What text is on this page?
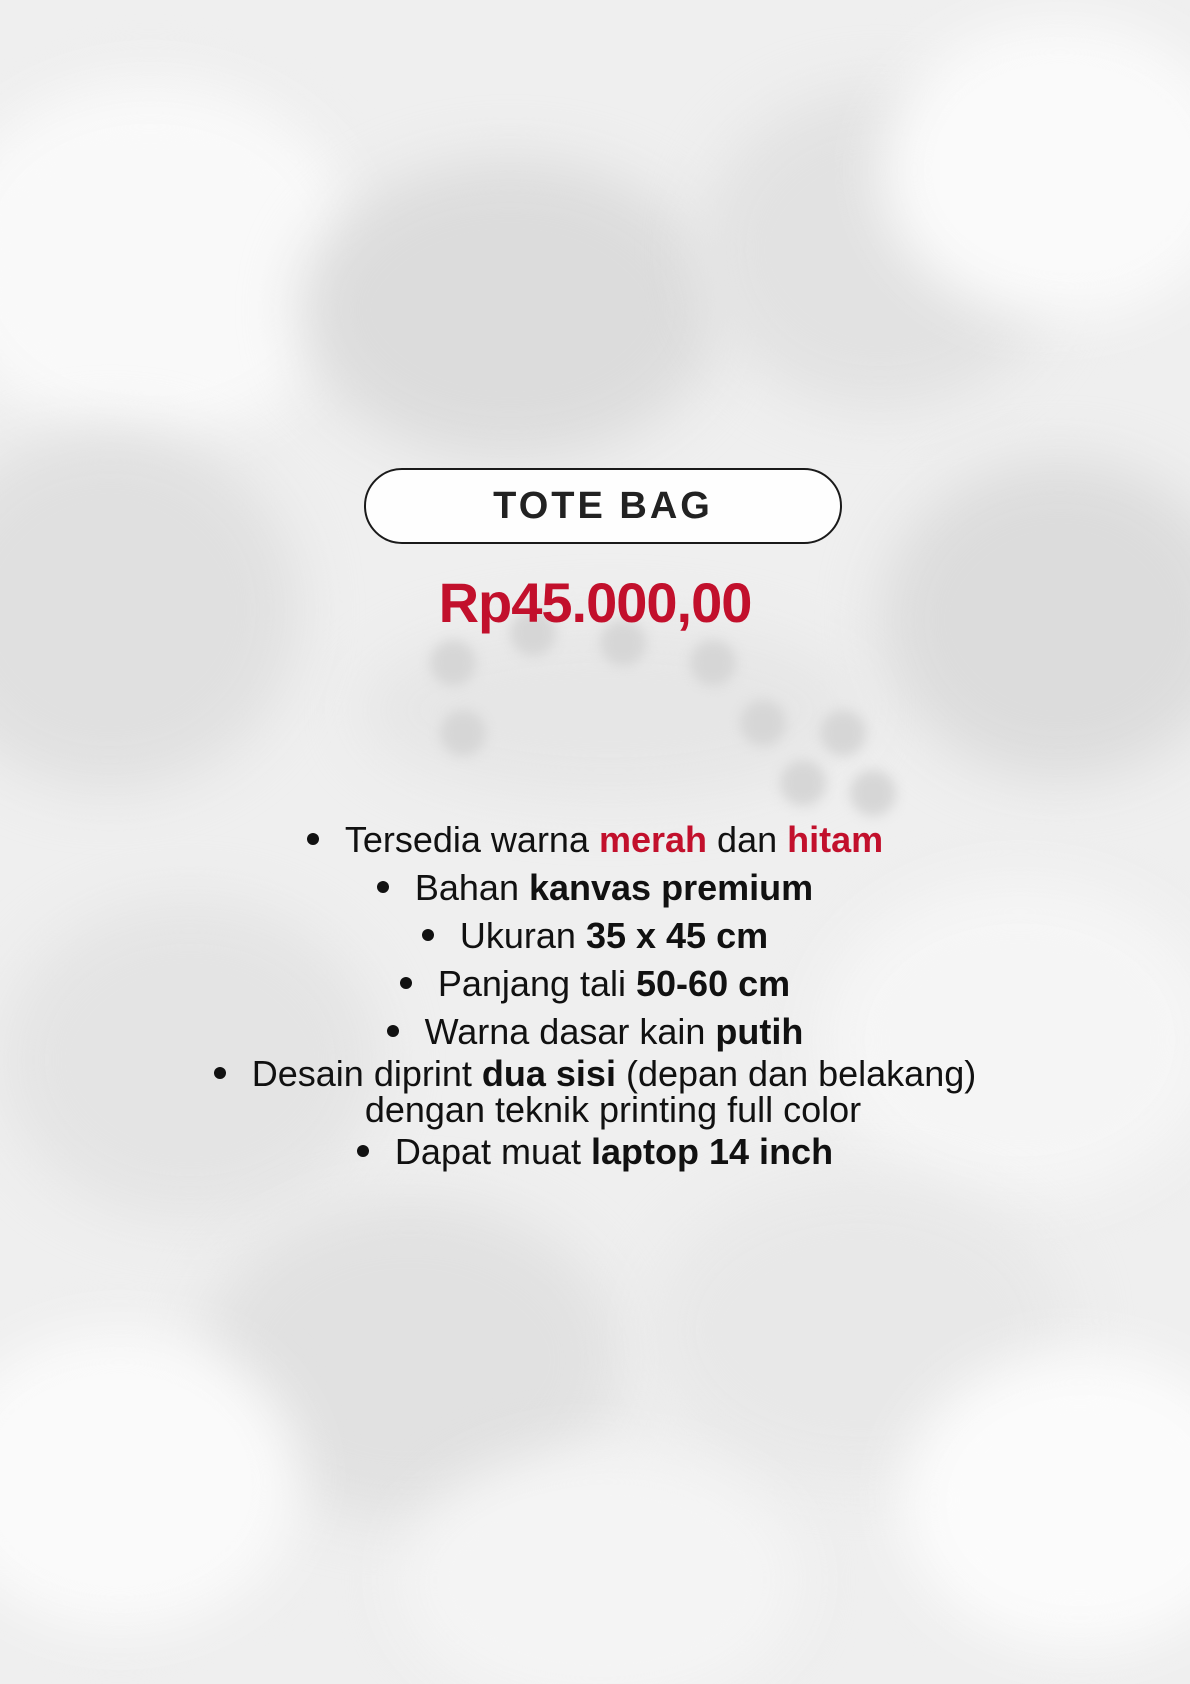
TOTE BAG
Rp45.000,00
Tersedia warna merah dan hitam
Bahan kanvas premium
Ukuran 35 x 45 cm
Panjang tali 50-60 cm
Warna dasar kain putih
Desain diprint dua sisi (depan dan belakang)
dengan teknik printing full color
Dapat muat laptop 14 inch
